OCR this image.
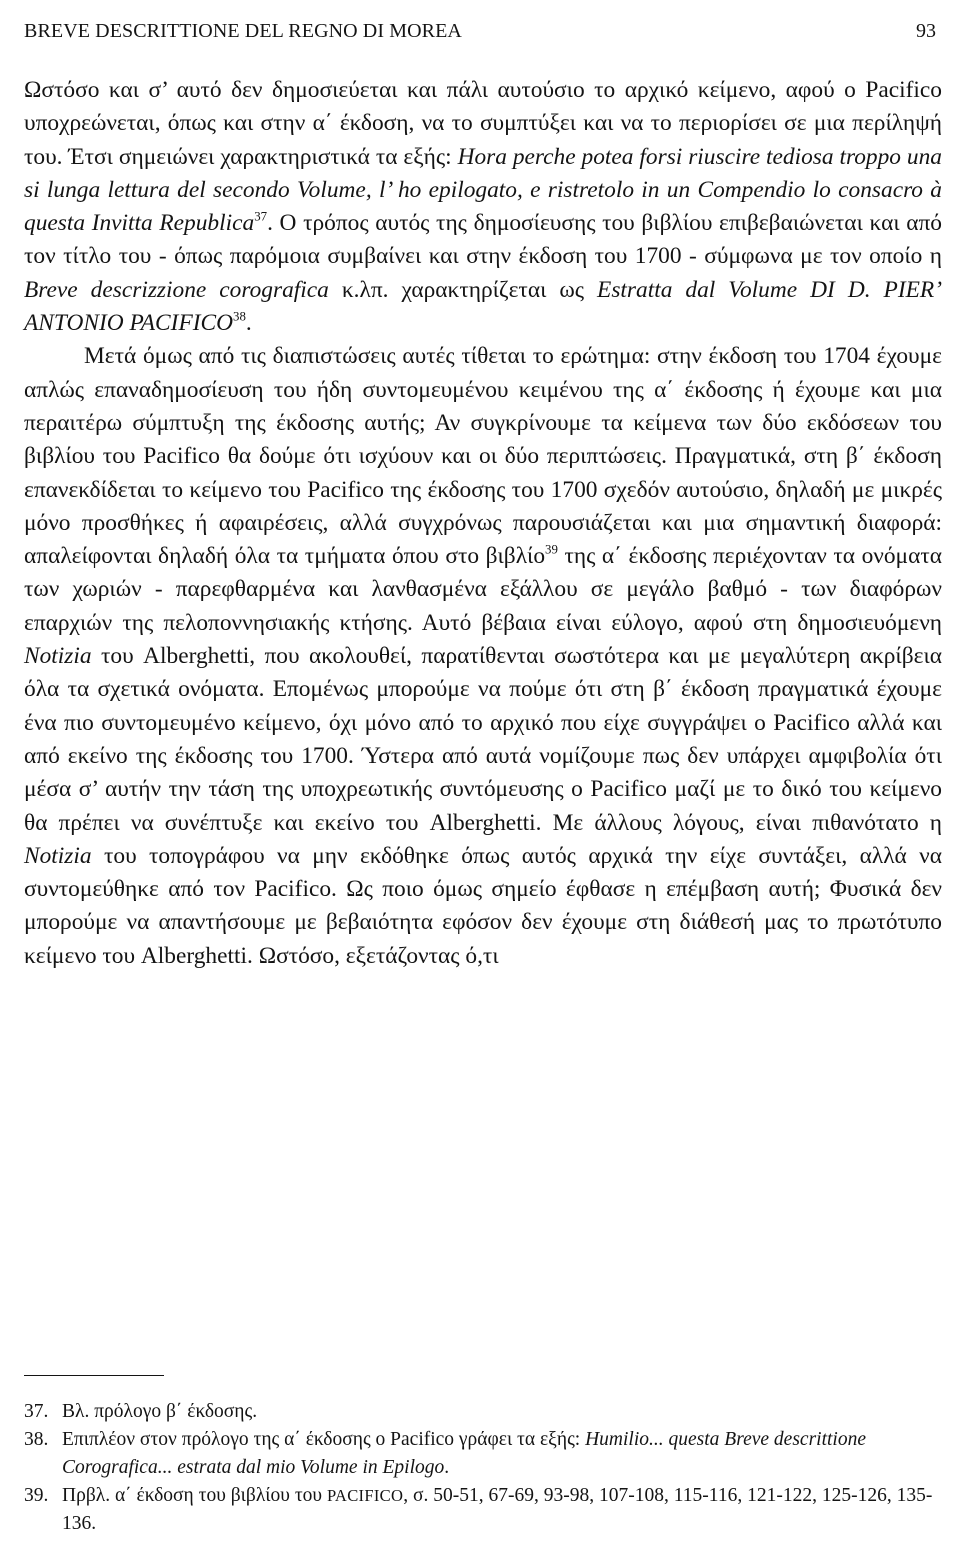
BREVE DESCRITTIONE DEL REGNO DI MOREA	93

Ωστόσο και σ’ αυτό δεν δημοσιεύεται και πάλι αυτούσιο το αρχικό κείμενο, αφού ο Pacifico υποχρεώνεται, όπως και στην α΄ έκδοση, να το συμπτύξει και να το περιορίσει σε μια περίληψή του. Έτσι σημειώνει χαρακτηριστικά τα εξής: Hora perche potea forsi riuscire tediosa troppo una si lunga lettura del secondo Volume, l’ ho epilogato, e ristretolo in un Compendio lo consacro à questa Invitta Republica$^{37}$. Ο τρόπος αυτός της δημοσίευσης του βιβλίου επιβεβαιώνεται και από τον τίτλο του - όπως παρόμοια συμβαίνει και στην έκδοση του 1700 - σύμφωνα με τον οποίο η Breve descrizzione corografica κ.λπ. χαρακτηρίζεται ως Estratta dal Volume DI D. PIER’ ANTONIO PACIFICO$^{38}$.

Μετά όμως από τις διαπιστώσεις αυτές τίθεται το ερώτημα: στην έκδοση του 1704 έχουμε απλώς επαναδημοσίευση του ήδη συντομευμένου κειμένου της α΄ έκδοσης ή έχουμε και μια περαιτέρω σύμπτυξη της έκδοσης αυτής; Αν συγκρίνουμε τα κείμενα των δύο εκδόσεων του βιβλίου του Pacifico θα δούμε ότι ισχύουν και οι δύο περιπτώσεις. Πραγματικά, στη β΄ έκδοση επανεκδίδεται το κείμενο του Pacifico της έκδοσης του 1700 σχεδόν αυτούσιο, δηλαδή με μικρές μόνο προσθήκες ή αφαιρέσεις, αλλά συγχρόνως παρουσιάζεται και μια σημαντική διαφορά: απαλείφονται δηλαδή όλα τα τμήματα όπου στο βιβλίο$^{39}$ της α΄ έκδοσης περιέχονταν τα ονόματα των χωριών - παρεφθαρμένα και λανθασμένα εξάλλου σε μεγάλο βαθμό - των διαφόρων επαρχιών της πελοποννησιακής κτήσης. Αυτό βέβαια είναι εύλογο, αφού στη δημοσιευόμενη Notizia του Alberghetti, που ακολουθεί, παρατίθενται σωστότερα και με μεγαλύτερη ακρίβεια όλα τα σχετικά ονόματα. Επομένως μπορούμε να πούμε ότι στη β΄ έκδοση πραγματικά έχουμε ένα πιο συντομευμένο κείμενο, όχι μόνο από το αρχικό που είχε συγγράψει ο Pacifico αλλά και από εκείνο της έκδοσης του 1700. Ύστερα από αυτά νομίζουμε πως δεν υπάρχει αμφιβολία ότι μέσα σ’ αυτήν την τάση της υποχρεωτικής συντόμευσης ο Pacifico μαζί με το δικό του κείμενο θα πρέπει να συνέπτυξε και εκείνο του Alberghetti. Με άλλους λόγους, είναι πιθανότατο η Notizia του τοπογράφου να μην εκδόθηκε όπως αυτός αρχικά την είχε συντάξει, αλλά να συντομεύθηκε από τον Pacifico. Ως ποιο όμως σημείο έφθασε η επέμβαση αυτή; Φυσικά δεν μπορούμε να απαντήσουμε με βεβαιότητα εφόσον δεν έχουμε στη διάθεσή μας το πρωτότυπο κείμενο του Alberghetti. Ωστόσο, εξετάζοντας ό,τι

37. Βλ. πρόλογο β΄ έκδοσης.
38. Επιπλέον στον πρόλογο της α΄ έκδοσης ο Pacifico γράφει τα εξής: Humilio... questa Breve descrittione Corografica... estrata dal mio Volume in Epilogo.
39. Πρβλ. α΄ έκδοση του βιβλίου του PACIFICO, σ. 50-51, 67-69, 93-98, 107-108, 115-116, 121-122, 125-126, 135-136.
